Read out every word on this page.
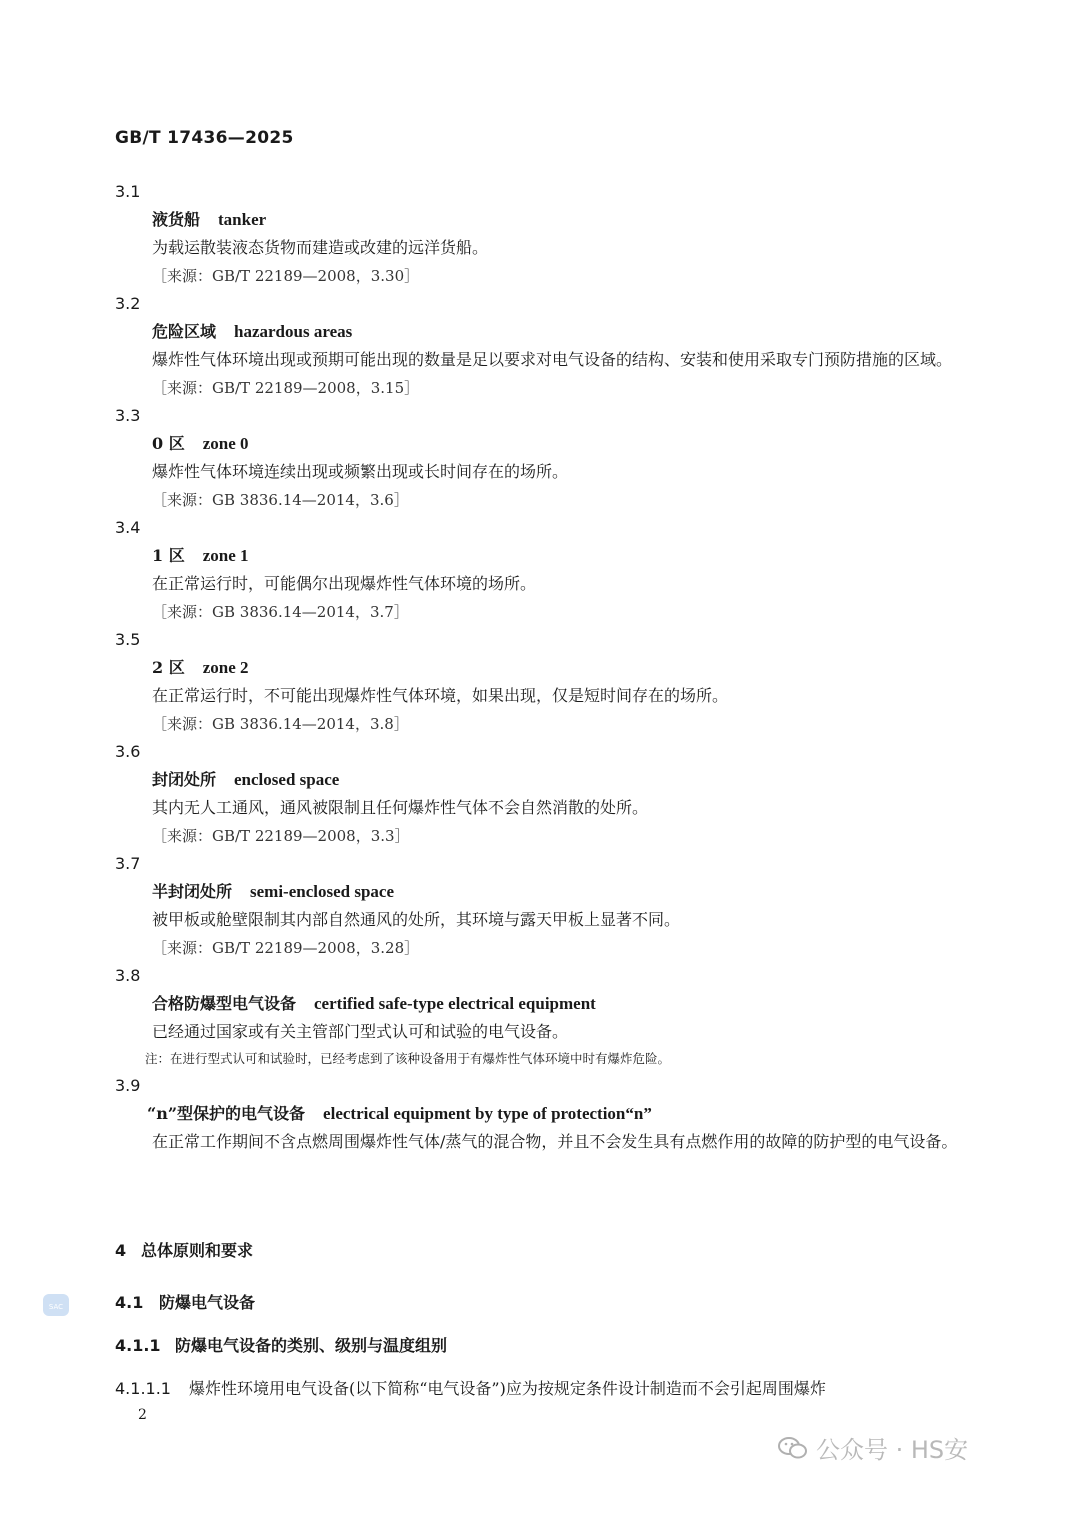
GB/T 17436—2025
3.1
液货船 tanker
为载运散装液态货物而建造或改建的远洋货船。
［来源：GB/T 22189—2008，3.30］
3.2
危险区域 hazardous areas
爆炸性气体环境出现或预期可能出现的数量是足以要求对电气设备的结构、安装和使用采取专门预防措施的区域。
［来源：GB/T 22189—2008，3.15］
3.3
0 区 zone 0
爆炸性气体环境连续出现或频繁出现或长时间存在的场所。
［来源：GB 3836.14—2014，3.6］
3.4
1 区 zone 1
在正常运行时，可能偶尔出现爆炸性气体环境的场所。
［来源：GB 3836.14—2014，3.7］
3.5
2 区 zone 2
在正常运行时，不可能出现爆炸性气体环境，如果出现，仅是短时间存在的场所。
［来源：GB 3836.14—2014，3.8］
3.6
封闭处所 enclosed space
其内无人工通风，通风被限制且任何爆炸性气体不会自然消散的处所。
［来源：GB/T 22189—2008，3.3］
3.7
半封闭处所 semi-enclosed space
被甲板或舱壁限制其内部自然通风的处所，其环境与露天甲板上显著不同。
［来源：GB/T 22189—2008，3.28］
3.8
合格防爆型电气设备 certified safe-type electrical equipment
已经通过国家或有关主管部门型式认可和试验的电气设备。
注：在进行型式认可和试验时，已经考虑到了该种设备用于有爆炸性气体环境中时有爆炸危险。
3.9
“n”型保护的电气设备 electrical equipment by type of protection“n”
在正常工作期间不含点燃周围爆炸性气体/蒸气的混合物，并且不会发生具有点燃作用的故障的防护型的电气设备。
4 总体原则和要求
4.1 防爆电气设备
4.1.1 防爆电气设备的类别、级别与温度组别
4.1.1.1 爆炸性环境用电气设备(以下简称“电气设备”)应为按规定条件设计制造而不会引起周围爆炸
2
SAC
公众号 · HS安
